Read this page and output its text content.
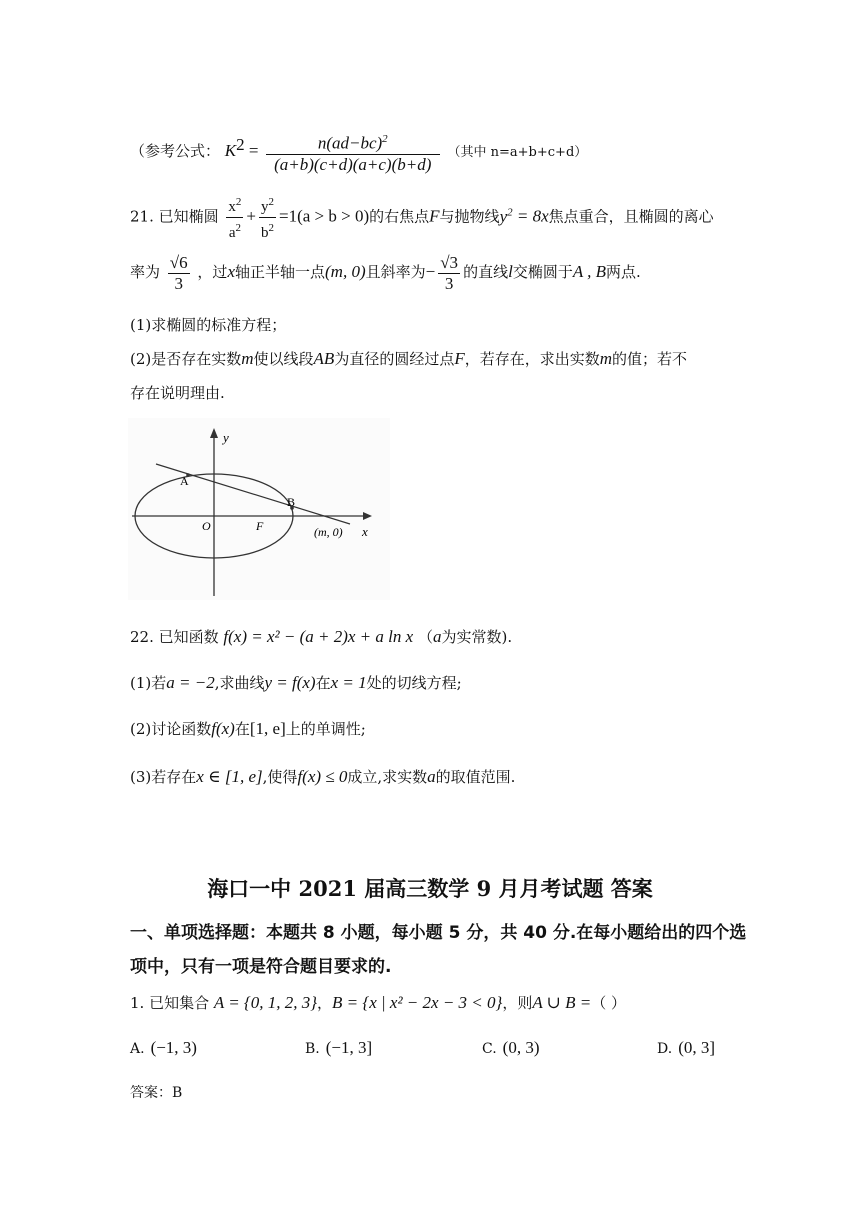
（参考公式： $K^2 = \frac{n(ad-bc)^2}{(a+b)(c+d)(a+c)(b+d)}$ （其中 n=a+b+c+d）
21. 已知椭圆 $\frac{x^2}{a^2} + \frac{y^2}{b^2} =1(a > b > 0)$的右焦点F与抛物线$y^2 = 8x$焦点重合，且椭圆的离心
率为 $\frac{√6}{3}$ ，过x轴正半轴一点(m, 0)且斜率为− $\frac{√3}{3}$ 的直线l交椭圆于A , B两点.
(1)求椭圆的标准方程；
(2)是否存在实数m使以线段AB为直径的圆经过点F，若存在，求出实数m的值；若不
存在说明理由.
A
B
y
x
O	F	(m, 0)
22. 已知函数 f(x) = x² − (a + 2)x + a ln x （a为实常数).
(1)若a = −2,求曲线y = f(x)在x = 1处的切线方程;
(2)讨论函数f(x)在[1, e]上的单调性;
(3)若存在x ∈ [1, e],使得f(x) ≤ 0成立,求实数a的取值范围.
海口一中 2021 届高三数学 9 月月考试题 答案
一、单项选择题：本题共 8 小题，每小题 5 分，共 40 分.在每小题给出的四个选
项中，只有一项是符合题目要求的.
1. 已知集合 A = {0, 1, 2, 3}，B = {x | x² − 2x − 3 < 0}，则A ∪ B =（ ）
A. (−1, 3)	B. (−1, 3]	C. (0, 3)	D. (0, 3]
答案：B
